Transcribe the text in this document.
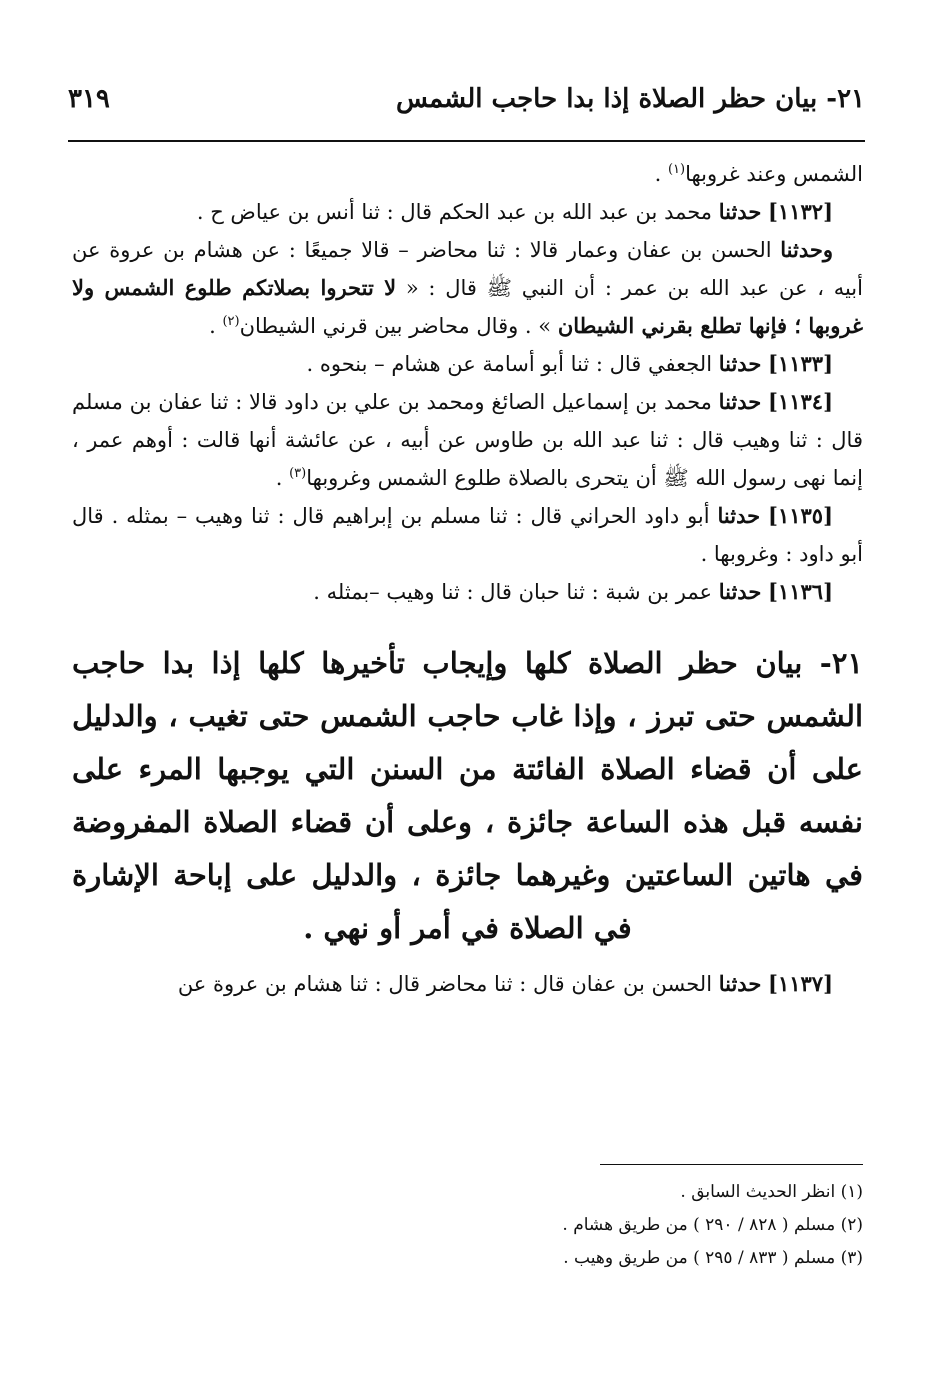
٢١- بيان حظر الصلاة إذا بدا حاجب الشمس
٣١٩

الشمس وعند غروبها$^{(١)}$ .

[١١٣٢] حدثنا محمد بن عبد الله بن عبد الحكم قال : ثنا أنس بن عياض ح .

وحدثنا الحسن بن عفان وعمار قالا : ثنا محاضر – قالا جميعًا : عن هشام بن عروة عن أبيه ، عن عبد الله بن عمر : أن النبي ﷺ قال : « لا تتحروا بصلاتكم طلوع الشمس ولا غروبها ؛ فإنها تطلع بقرني الشيطان » . وقال محاضر بين قرني الشيطان$^{(٢)}$ .

[١١٣٣] حدثنا الجعفي قال : ثنا أبو أسامة عن هشام – بنحوه .

[١١٣٤] حدثنا محمد بن إسماعيل الصائغ ومحمد بن علي بن داود قالا : ثنا عفان بن مسلم قال : ثنا وهيب قال : ثنا عبد الله بن طاوس عن أبيه ، عن عائشة أنها قالت : أوهم عمر ، إنما نهى رسول الله ﷺ أن يتحرى بالصلاة طلوع الشمس وغروبها$^{(٣)}$ .

[١١٣٥] حدثنا أبو داود الحراني قال : ثنا مسلم بن إبراهيم قال : ثنا وهيب – بمثله . قال أبو داود : وغروبها .

[١١٣٦] حدثنا عمر بن شبة : ثنا حبان قال : ثنا وهيب –بمثله .

٢١- بيان حظر الصلاة كلها وإيجاب تأخيرها كلها إذا بدا حاجب الشمس حتى تبرز ، وإذا غاب حاجب الشمس حتى تغيب ، والدليل على أن قضاء الصلاة الفائتة من السنن التي يوجبها المرء على نفسه قبل هذه الساعة جائزة ، وعلى أن قضاء الصلاة المفروضة في هاتين الساعتين وغيرهما جائزة ، والدليل على إباحة الإشارة في الصلاة في أمر أو نهي .

[١١٣٧] حدثنا الحسن بن عفان قال : ثنا محاضر قال : ثنا هشام بن عروة عن

(١) انظر الحديث السابق .

(٢) مسلم ( ٨٢٨ / ٢٩٠ ) من طريق هشام .

(٣) مسلم ( ٨٣٣ / ٢٩٥ ) من طريق وهيب .
